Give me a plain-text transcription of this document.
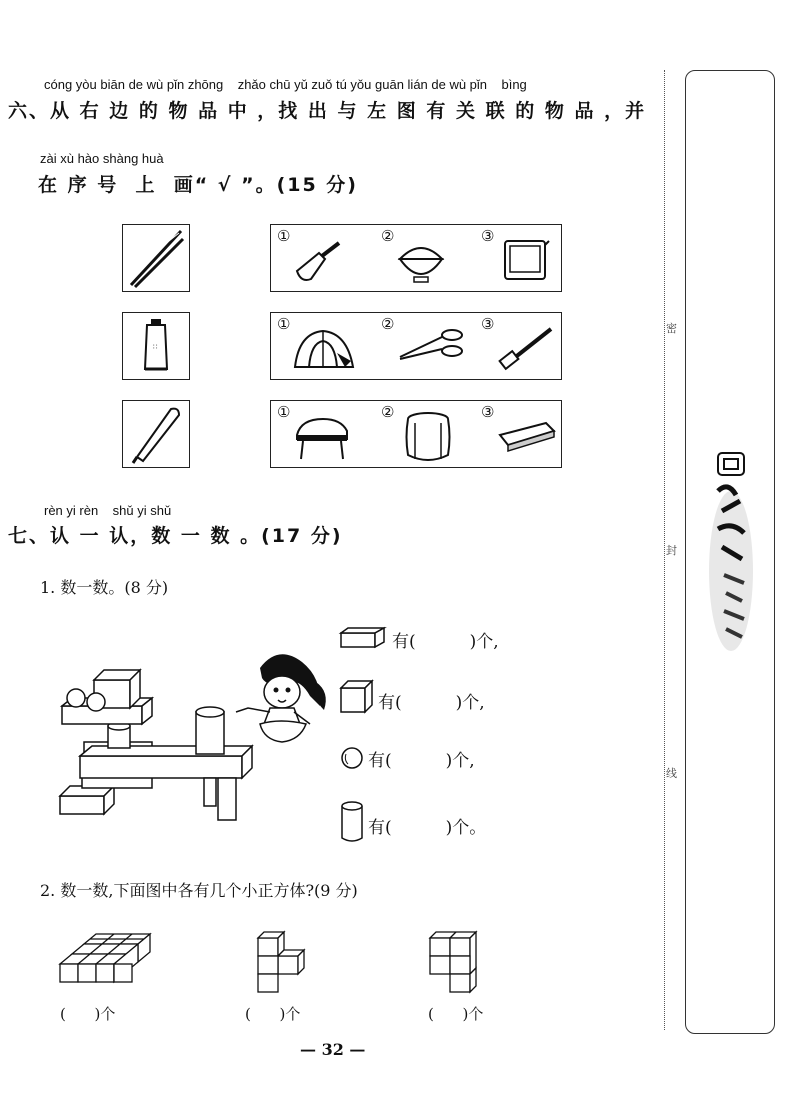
cóng yòu biān de wù pǐn zhōng    zhǎo chū yǔ zuǒ tú yǒu guān lián de wù pǐn    bìng
六、从 右 边 的 物 品 中 ，找 出 与 左 图 有 关 联 的 物 品 ，并
zài xù hào shàng huà
在 序 号  上  画“ √ ”。(15 分)
①	②	③
∷
①	②	③
①	②	③
rèn yi rèn    shǔ yi shǔ
七、认 一 认，数 一 数 。(17 分)
1. 数一数。(8 分)
有(          )个,
有(          )个,
有(          )个,
有(          )个。
2. 数一数,下面图中各有几个小正方体?(9 分)
(      )个	(      )个	(      )个
— 32 —
密
封
线
